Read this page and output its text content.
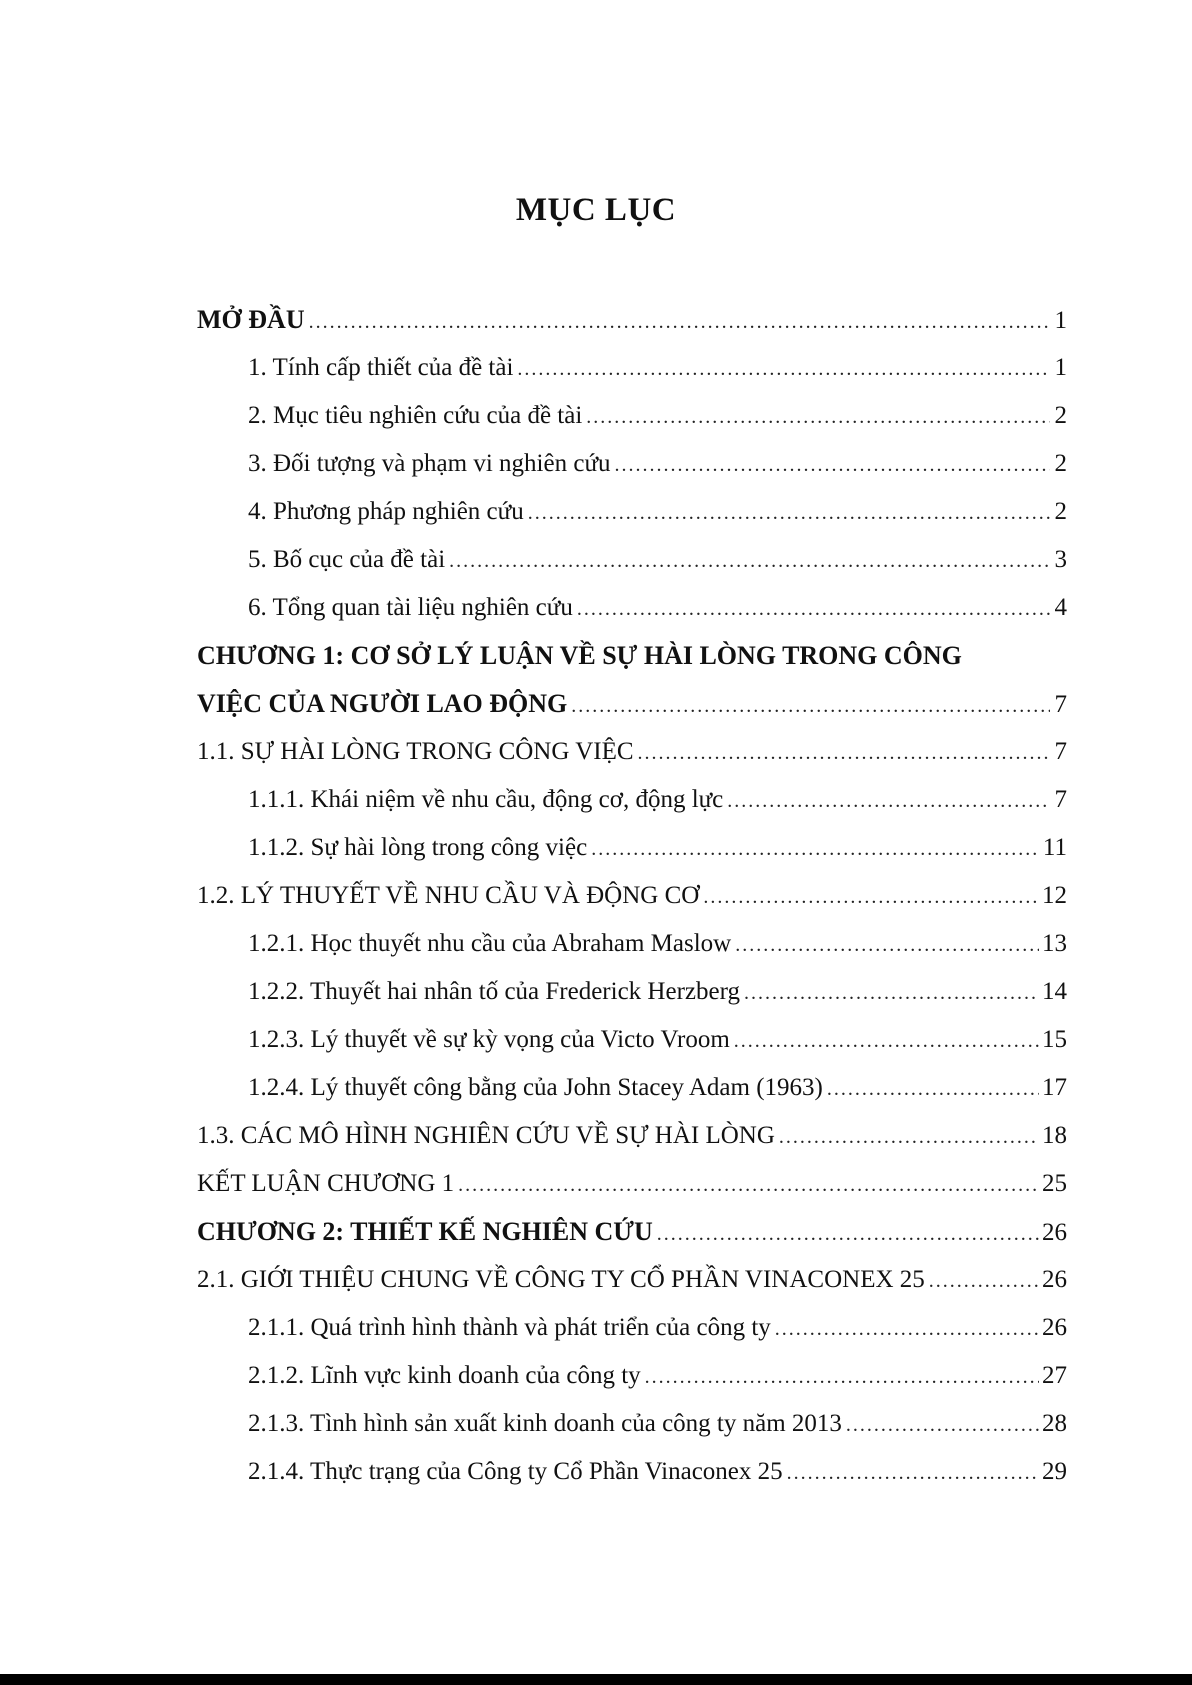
MỤC LỤC
MỞ ĐẦU .....	1
1. Tính cấp thiết của đề tài .....	1
2. Mục tiêu nghiên cứu của đề tài .....	2
3. Đối tượng và phạm vi nghiên cứu .....	2
4. Phương pháp nghiên cứu .....	2
5. Bố cục của đề tài .....	3
6. Tổng quan tài liệu nghiên cứu .....	4
CHƯƠNG 1: CƠ SỞ LÝ LUẬN VỀ SỰ HÀI LÒNG TRONG CÔNG
VIỆC CỦA NGƯỜI LAO ĐỘNG .....	7
1.1. SỰ HÀI LÒNG TRONG CÔNG VIỆC .....	7
1.1.1. Khái niệm về nhu cầu, động cơ, động lực .....	7
1.1.2. Sự hài lòng trong công việc .....	11
1.2. LÝ THUYẾT VỀ NHU CẦU VÀ ĐỘNG CƠ .....	12
1.2.1. Học thuyết nhu cầu của Abraham Maslow .....	13
1.2.2. Thuyết hai nhân tố của Frederick Herzberg .....	14
1.2.3. Lý thuyết về sự kỳ vọng của Victo Vroom .....	15
1.2.4. Lý thuyết công bằng của John Stacey Adam (1963) .....	17
1.3. CÁC MÔ HÌNH NGHIÊN CỨU VỀ SỰ HÀI LÒNG .....	18
KẾT LUẬN CHƯƠNG 1 .....	25
CHƯƠNG 2: THIẾT KẾ NGHIÊN CỨU .....	26
2.1. GIỚI THIỆU CHUNG VỀ CÔNG TY CỔ PHẦN VINACONEX 25 .....	26
2.1.1. Quá trình hình thành và phát triển của công ty .....	26
2.1.2. Lĩnh vực kinh doanh của công ty .....	27
2.1.3. Tình hình sản xuất kinh doanh của công ty năm 2013 .....	28
2.1.4. Thực trạng của Công ty Cổ Phần Vinaconex 25 .....	29
